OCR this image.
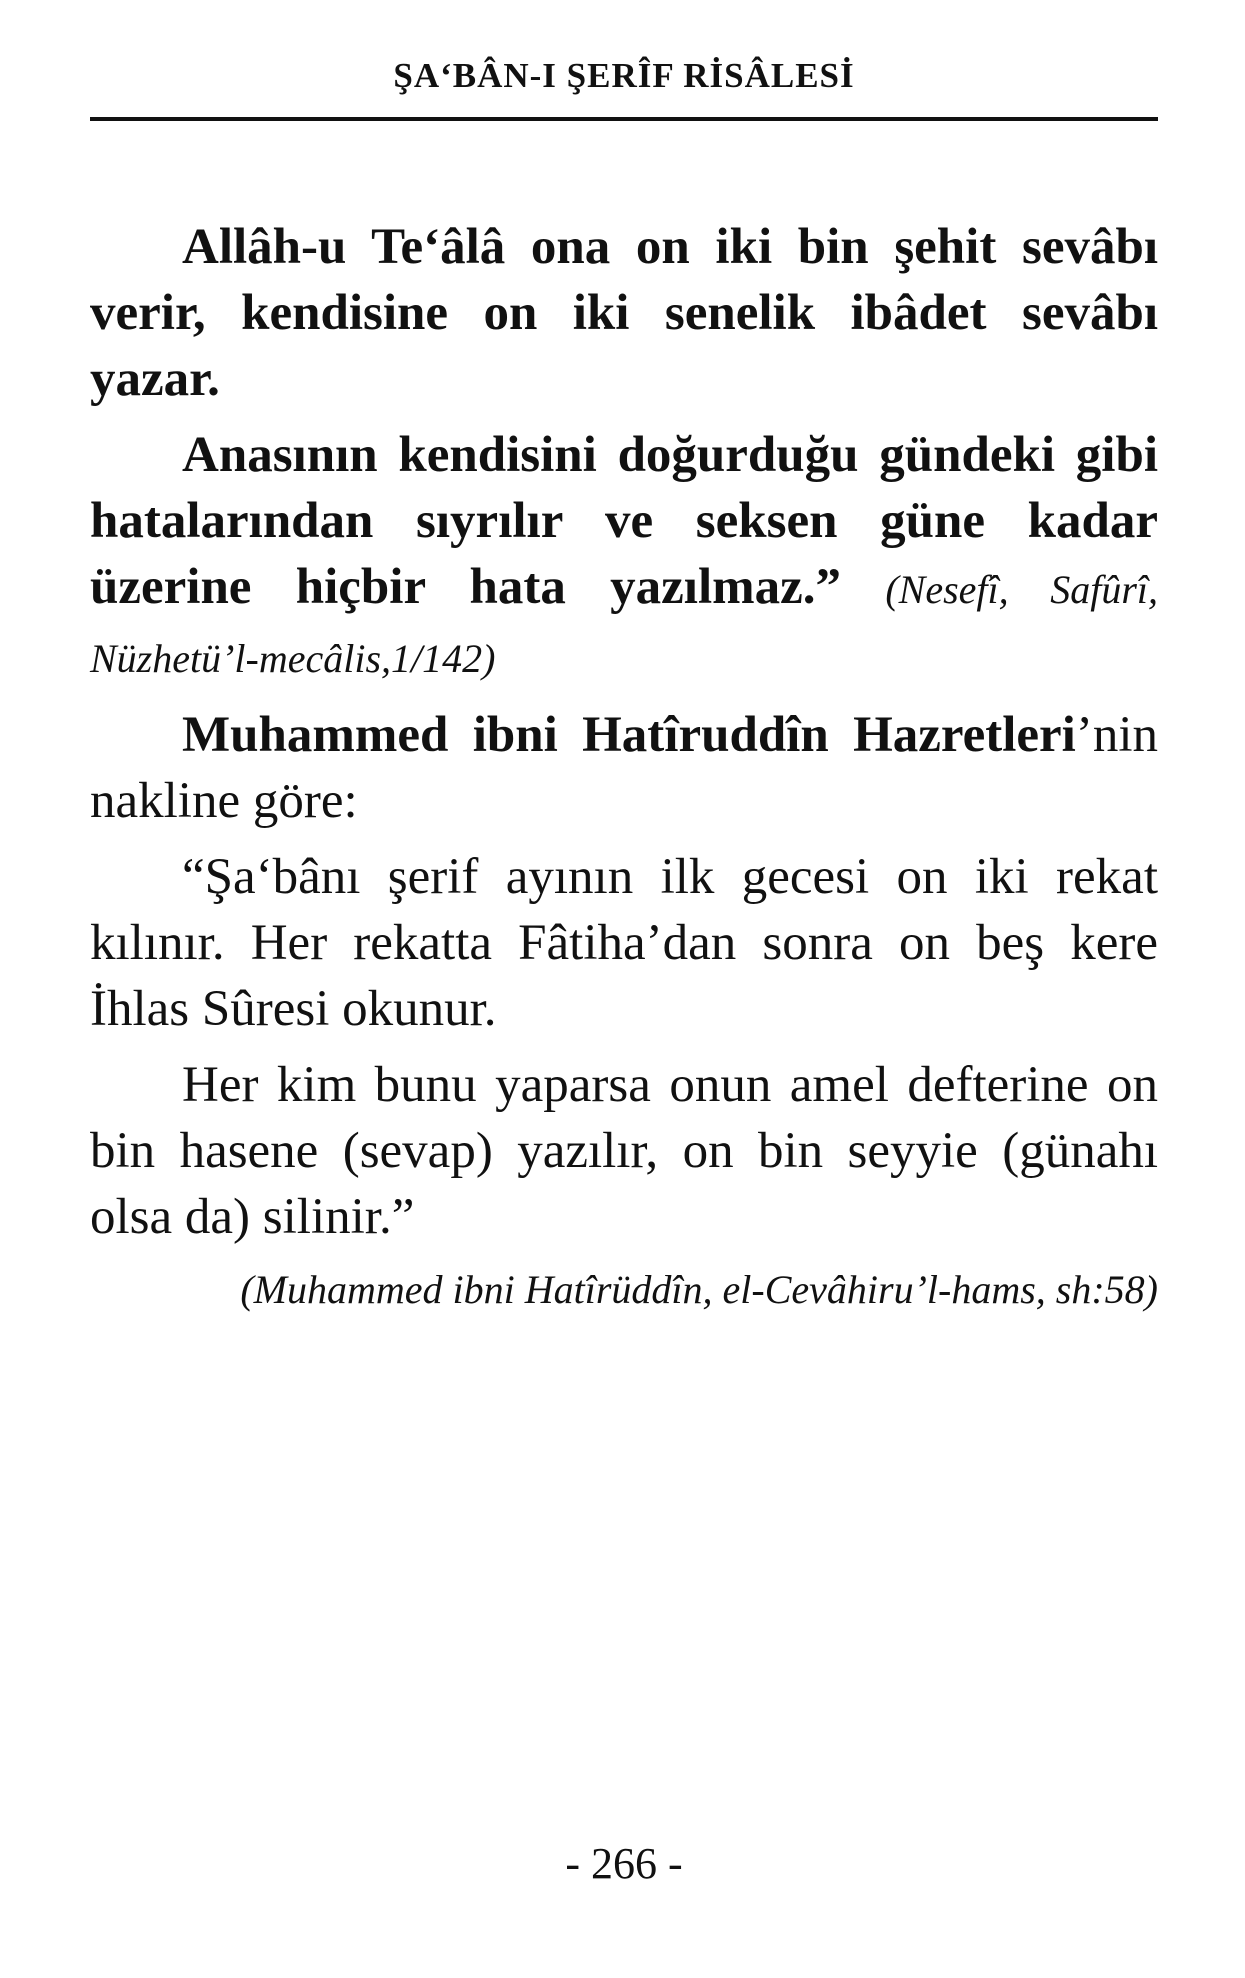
ŞA‘BÂN-I ŞERÎF RİSÂLESİ

Allâh-u Te‘âlâ ona on iki bin şehit sevâbı verir, kendisine on iki senelik ibâdet sevâbı yazar.

Anasının kendisini doğurduğu gündeki gibi hatalarından sıyrılır ve seksen güne kadar üzerine hiçbir hata yazılmaz.” (Nesefî, Safûrî, Nüzhetü’l-mecâlis,1/142)

Muhammed ibni Hatîruddîn Hazretleri’nin nakline göre:

“Şa‘bânı şerif ayının ilk gecesi on iki rekat kılınır. Her rekatta Fâtiha’dan sonra on beş kere İhlas Sûresi okunur.

Her kim bunu yaparsa onun amel defterine on bin hasene (sevap) yazılır, on bin seyyie (günahı olsa da) silinir.”

(Muhammed ibni Hatîrüddîn, el-Cevâhiru’l-hams, sh:58)

- 266 -
